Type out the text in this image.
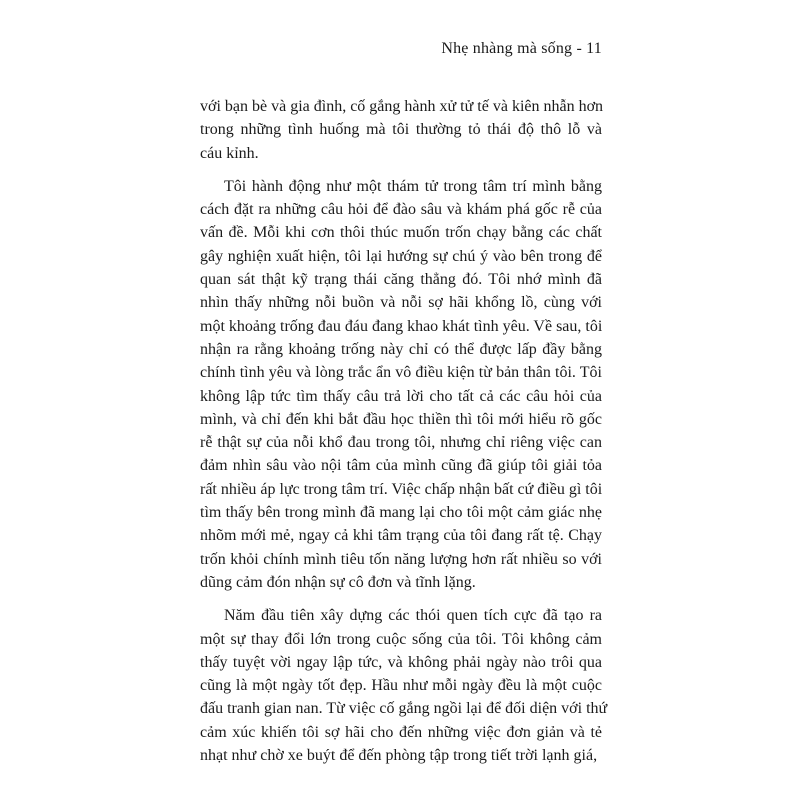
Nhẹ nhàng mà sống - 11
với bạn bè và gia đình, cố gắng hành xử tử tế và kiên nhẫn hơn
trong những tình huống mà tôi thường tỏ thái độ thô lỗ và
cáu kỉnh.
Tôi hành động như một thám tử trong tâm trí mình bằng
cách đặt ra những câu hỏi để đào sâu và khám phá gốc rễ của
vấn đề. Mỗi khi cơn thôi thúc muốn trốn chạy bằng các chất
gây nghiện xuất hiện, tôi lại hướng sự chú ý vào bên trong để
quan sát thật kỹ trạng thái căng thẳng đó. Tôi nhớ mình đã
nhìn thấy những nỗi buồn và nỗi sợ hãi khổng lồ, cùng với
một khoảng trống đau đáu đang khao khát tình yêu. Về sau, tôi
nhận ra rằng khoảng trống này chỉ có thể được lấp đầy bằng
chính tình yêu và lòng trắc ẩn vô điều kiện từ bản thân tôi. Tôi
không lập tức tìm thấy câu trả lời cho tất cả các câu hỏi của
mình, và chỉ đến khi bắt đầu học thiền thì tôi mới hiểu rõ gốc
rễ thật sự của nỗi khổ đau trong tôi, nhưng chỉ riêng việc can
đảm nhìn sâu vào nội tâm của mình cũng đã giúp tôi giải tỏa
rất nhiều áp lực trong tâm trí. Việc chấp nhận bất cứ điều gì tôi
tìm thấy bên trong mình đã mang lại cho tôi một cảm giác nhẹ
nhõm mới mẻ, ngay cả khi tâm trạng của tôi đang rất tệ. Chạy
trốn khỏi chính mình tiêu tốn năng lượng hơn rất nhiều so với
dũng cảm đón nhận sự cô đơn và tĩnh lặng.
Năm đầu tiên xây dựng các thói quen tích cực đã tạo ra
một sự thay đổi lớn trong cuộc sống của tôi. Tôi không cảm
thấy tuyệt vời ngay lập tức, và không phải ngày nào trôi qua
cũng là một ngày tốt đẹp. Hầu như mỗi ngày đều là một cuộc
đấu tranh gian nan. Từ việc cố gắng ngồi lại để đối diện với thứ
cảm xúc khiến tôi sợ hãi cho đến những việc đơn giản và tẻ
nhạt như chờ xe buýt để đến phòng tập trong tiết trời lạnh giá,
